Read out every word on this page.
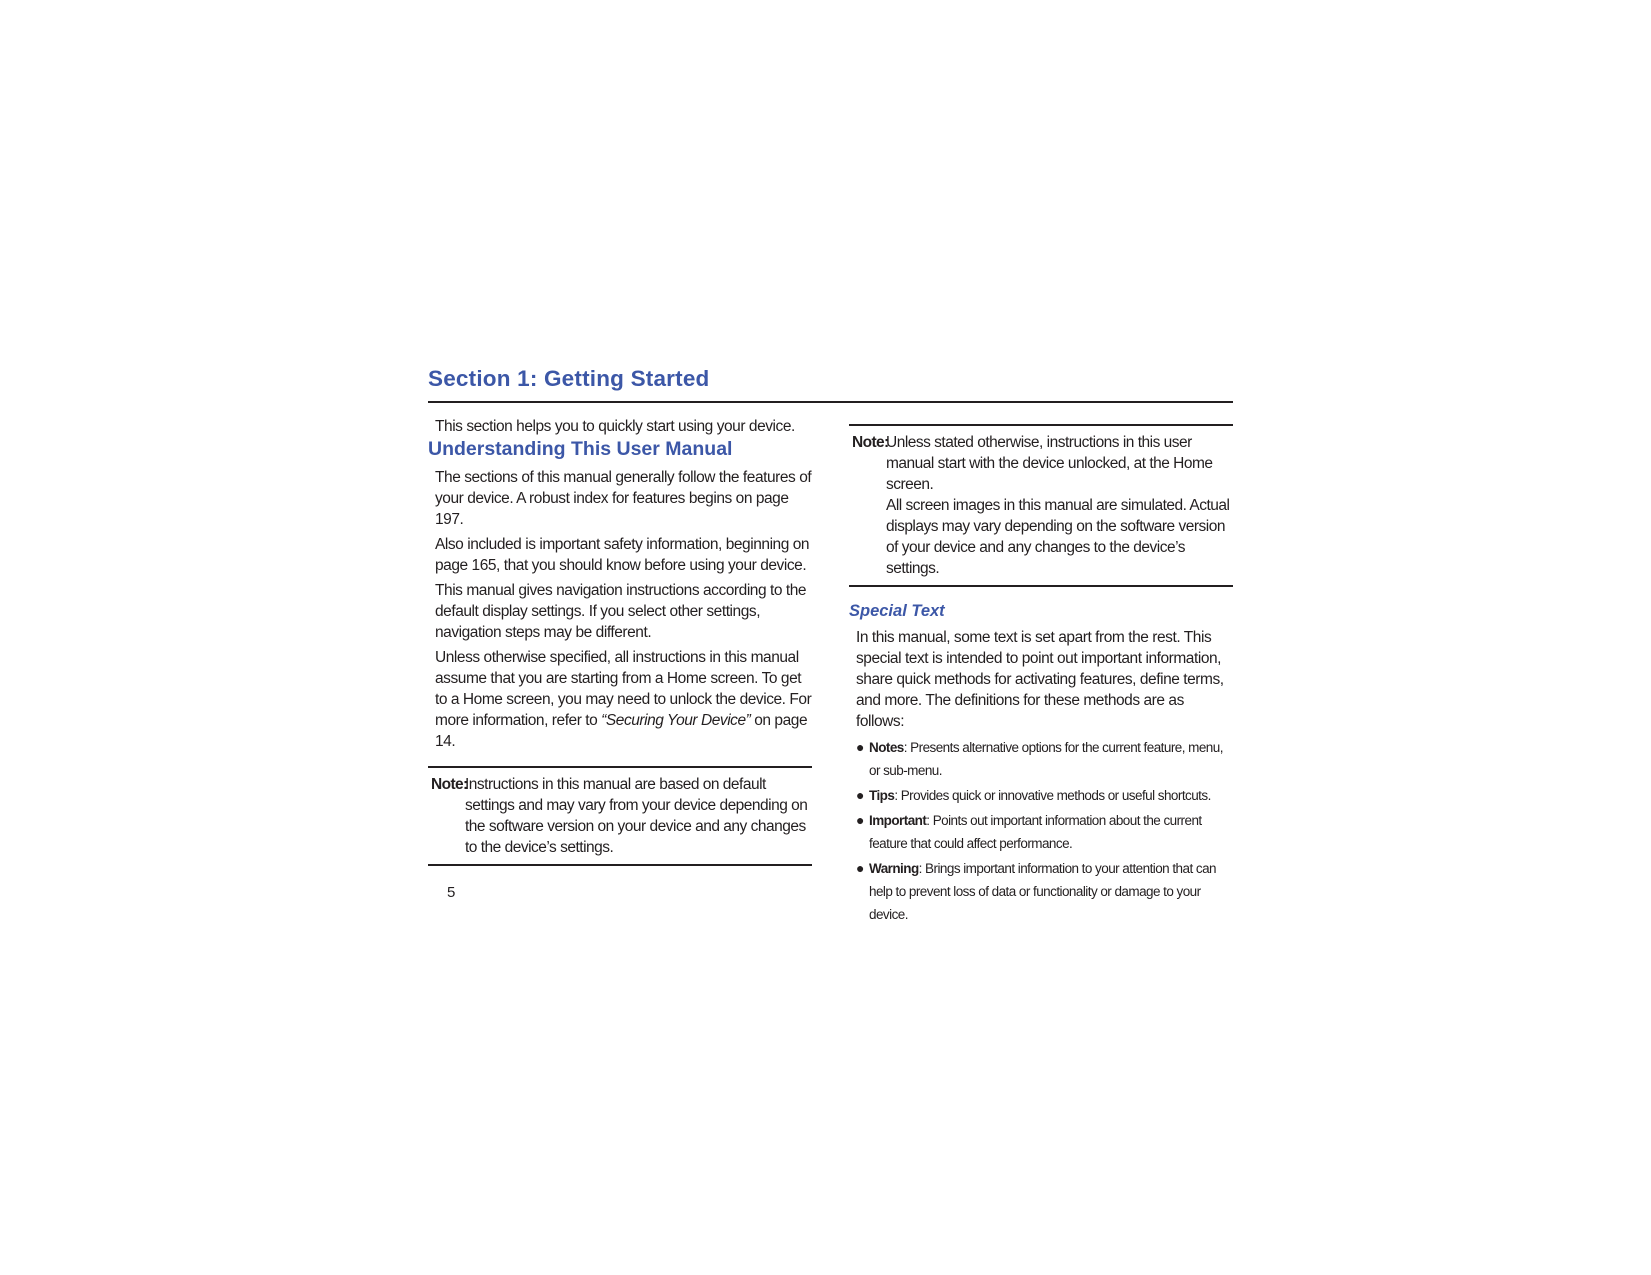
Section 1: Getting Started

This section helps you to quickly start using your device.

Understanding This User Manual

The sections of this manual generally follow the features of your device. A robust index for features begins on page 197.

Also included is important safety information, beginning on page 165, that you should know before using your device.

This manual gives navigation instructions according to the default display settings. If you select other settings, navigation steps may be different.

Unless otherwise specified, all instructions in this manual assume that you are starting from a Home screen. To get to a Home screen, you may need to unlock the device. For more information, refer to “Securing Your Device” on page 14.

Note:
Instructions in this manual are based on default settings and may vary from your device depending on the software version on your device and any changes to the device’s settings.
Note:
Unless stated otherwise, instructions in this user manual start with the device unlocked, at the Home screen.
All screen images in this manual are simulated. Actual displays may vary depending on the software version of your device and any changes to the device’s settings.
Special Text

In this manual, some text is set apart from the rest. This special text is intended to point out important information, share quick methods for activating features, define terms, and more. The definitions for these methods are as follows:

● Notes: Presents alternative options for the current feature, menu, or sub-menu.
● Tips: Provides quick or innovative methods or useful shortcuts.
● Important: Points out important information about the current feature that could affect performance.
● Warning: Brings important information to your attention that can help to prevent loss of data or functionality or damage to your device.
5
